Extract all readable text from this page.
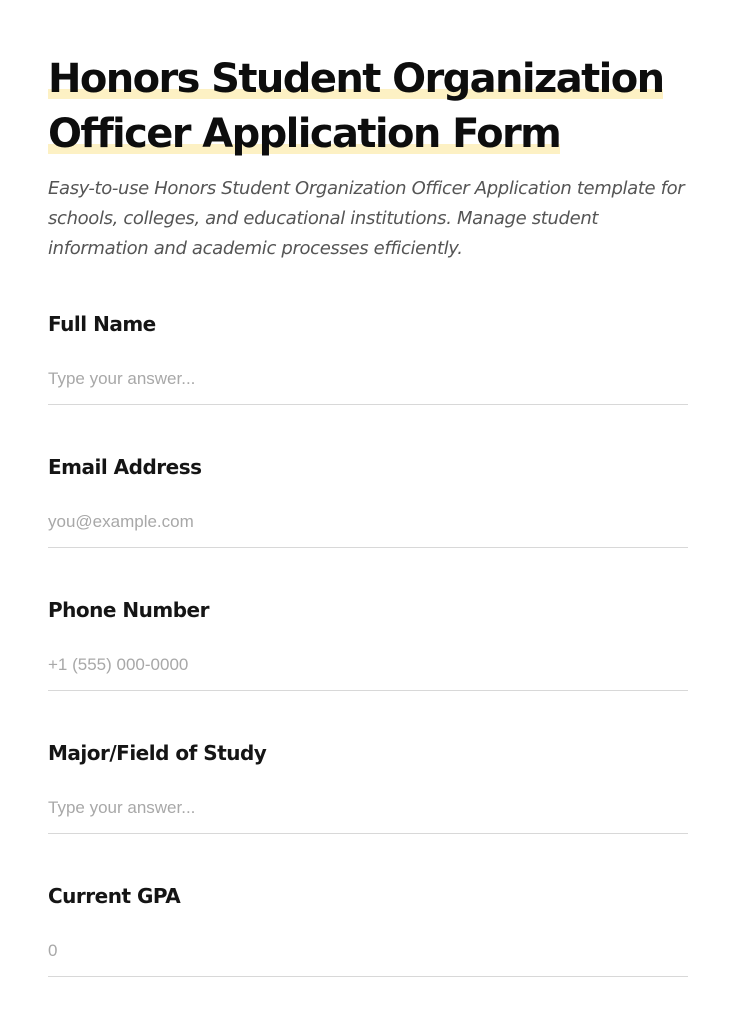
Honors Student Organization
Officer Application Form

Easy-to-use Honors Student Organization Officer Application template for schools, colleges, and educational institutions. Manage student information and academic processes efficiently.

Full Name
Type your answer...
Email Address
you@example.com
Phone Number
+1 (555) 000-0000
Major/Field of Study
Type your answer...
Current GPA
0
